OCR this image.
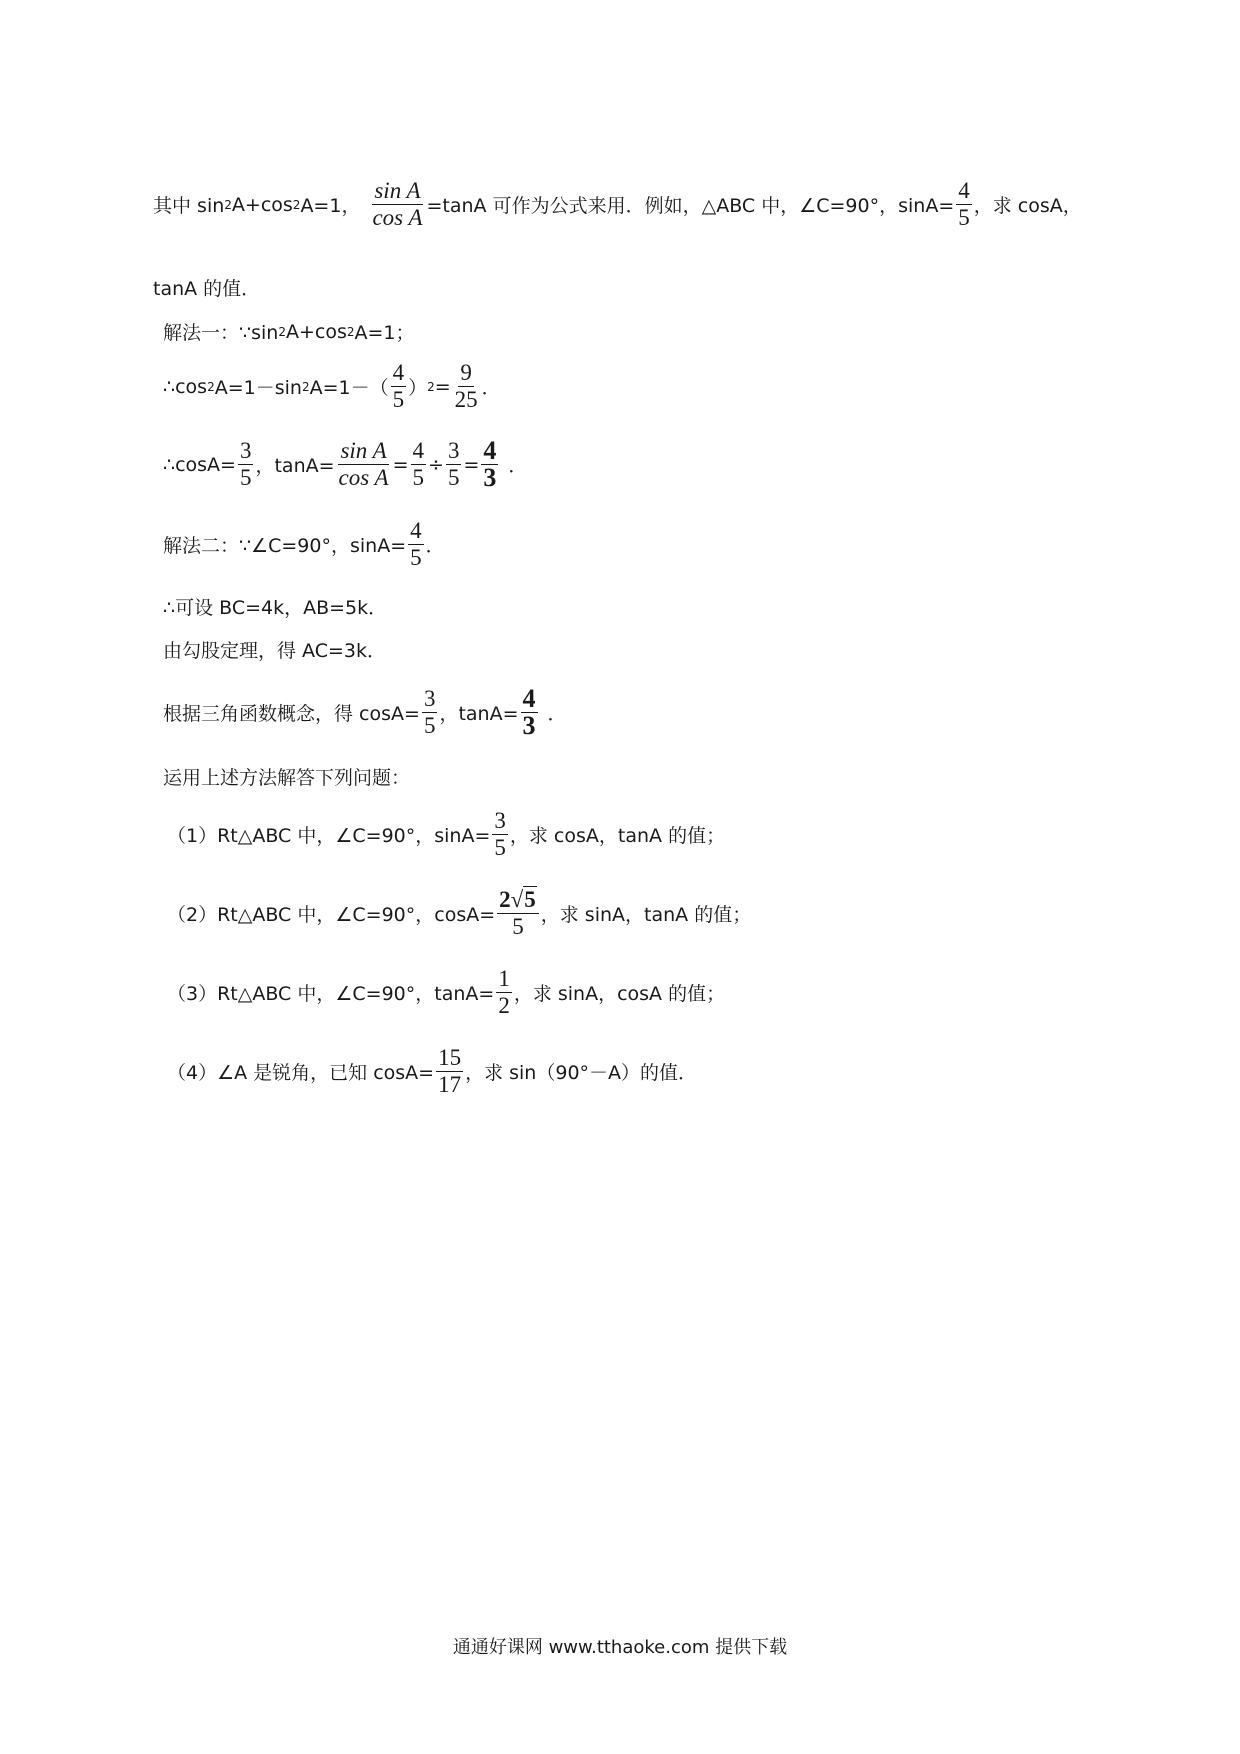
其中 sin 2 A+cos 2 A=1， $\frac{\text{sin A}}{\text{cos A}} =\tan A$ 可作为公式来用．例如，△ABC 中，∠C=90°，$\sin A= \frac{4}{5}$ ，求 cosA，
tanA 的值．
解法一：∵sin 2 A+cos 2 A=1；
∴cos 2 A=1－sin 2 $A=1-( \frac{4}{5}$ ） $2 = \frac{9}{25}$ ．
∴cosA= $\frac{3}{5}$ ，$\tan A= \frac{\text{sin A}}{\text{cos A}} = \frac{4}{5} \div \frac{3}{5} = \frac{4}{3}$ ．
解法二：∵∠C=90°，$\sin A= \frac{4}{5}$ ．
∴可设 BC=4k，AB=5k．
由勾股定理，得 AC=3k．
根据三角函数概念，得 $\cos A= \frac{3}{5}$ ，$\tan A= \frac{4}{3}$ ．
运用上述方法解答下列问题：
（1）Rt△ABC 中，∠C=90°，$\sin A= \frac{3}{5}$ ，求 cosA，tanA 的值；
（2）Rt△ABC 中，∠C=90°，$\cos A= \frac{2 √ 5}{5}$ ，求 sinA，tanA 的值；
（3）Rt△ABC 中，∠C=90°，$\tan A= \frac{1}{2}$ ，求 sinA，cosA 的值；
（4）∠A 是锐角，已知 $\cos A= \frac{15}{17}$ ，求 sin（90°－A）的值．
通通好课网 www.tthaoke.com 提供下载
